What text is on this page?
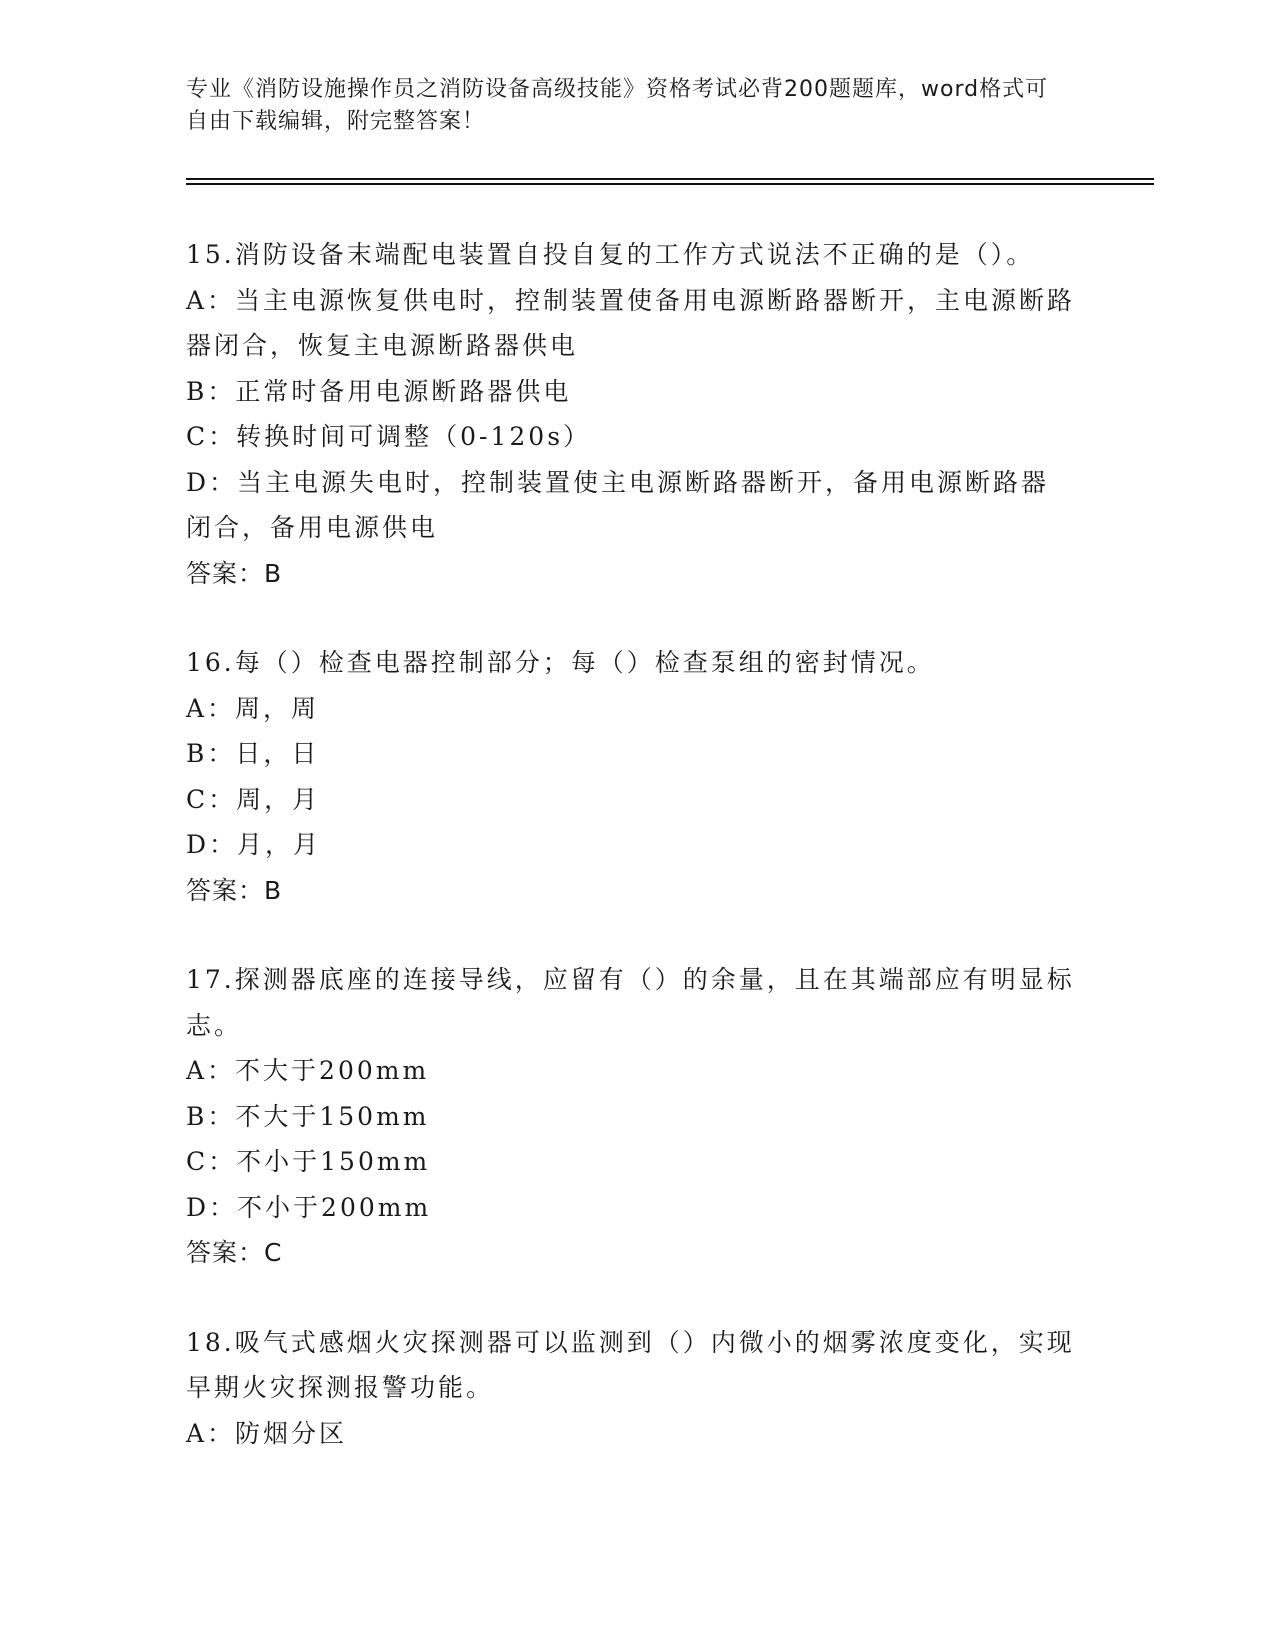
专业《消防设施操作员之消防设备高级技能》资格考试必背200题题库，word格式可自由下载编辑，附完整答案！
15.消防设备末端配电装置自投自复的工作方式说法不正确的是（）。
A：当主电源恢复供电时，控制装置使备用电源断路器断开，主电源断路器闭合，恢复主电源断路器供电
B：正常时备用电源断路器供电
C：转换时间可调整（0-120s）
D：当主电源失电时，控制装置使主电源断路器断开，备用电源断路器闭合，备用电源供电
答案：B
16.每（）检查电器控制部分；每（）检查泵组的密封情况。
A：周，周
B：日，日
C：周，月
D：月，月
答案：B
17.探测器底座的连接导线，应留有（）的余量，且在其端部应有明显标志。
A：不大于200mm
B：不大于150mm
C：不小于150mm
D：不小于200mm
答案：C
18.吸气式感烟火灾探测器可以监测到（）内微小的烟雾浓度变化，实现早期火灾探测报警功能。
A：防烟分区
